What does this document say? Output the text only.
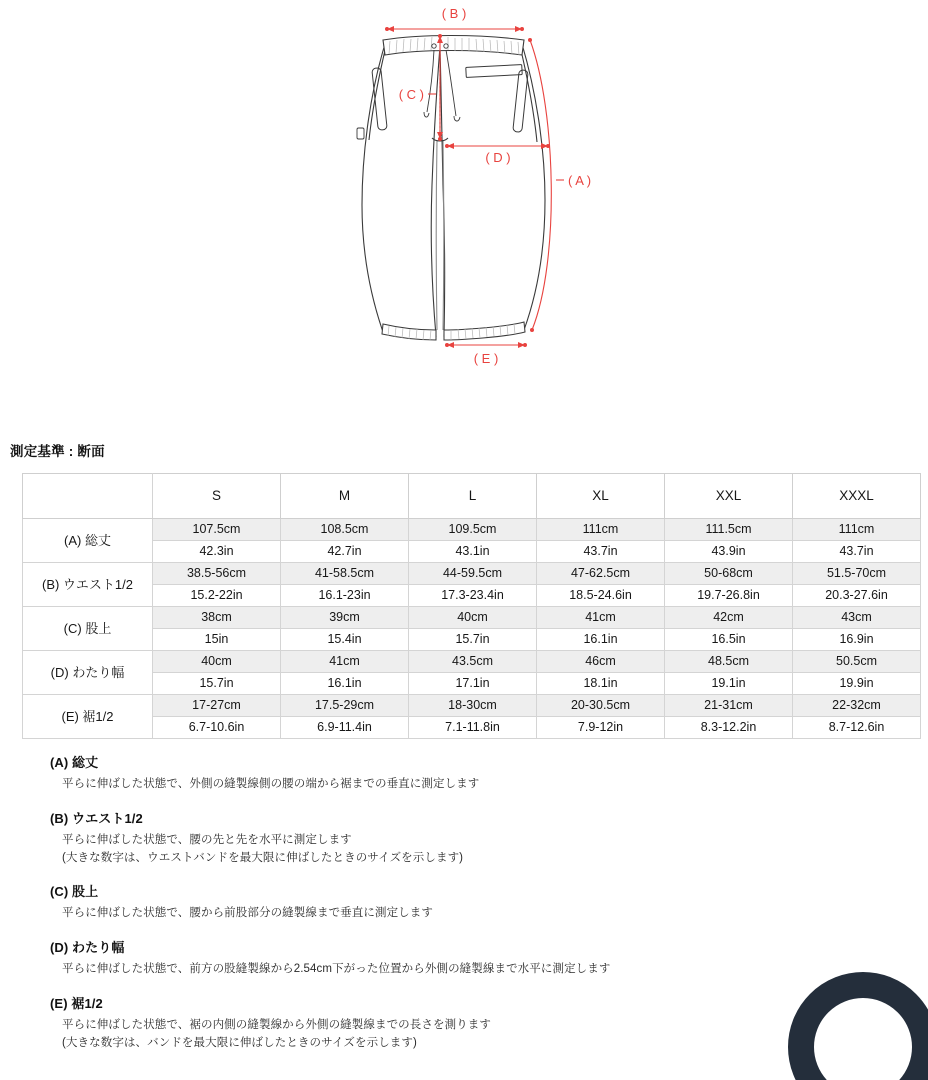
( B )
( C )
( D )
( A )
( E )
測定基準 : 断面
	S	M	L	XL	XXL	XXXL
(A) 総丈	107.5cm	108.5cm	109.5cm	111cm	111.5cm	111cm
	42.3in	42.7in	43.1in	43.7in	43.9in	43.7in
(B) ウエスト1/2	38.5-56cm	41-58.5cm	44-59.5cm	47-62.5cm	50-68cm	51.5-70cm
	15.2-22in	16.1-23in	17.3-23.4in	18.5-24.6in	19.7-26.8in	20.3-27.6in
(C) 股上	38cm	39cm	40cm	41cm	42cm	43cm
	15in	15.4in	15.7in	16.1in	16.5in	16.9in
(D) わたり幅	40cm	41cm	43.5cm	46cm	48.5cm	50.5cm
	15.7in	16.1in	17.1in	18.1in	19.1in	19.9in
(E) 裾1/2	17-27cm	17.5-29cm	18-30cm	20-30.5cm	21-31cm	22-32cm
	6.7-10.6in	6.9-11.4in	7.1-11.8in	7.9-12in	8.3-12.2in	8.7-12.6in
(A) 総丈
平らに伸ばした状態で、外側の縫製線側の腰の端から裾までの垂直に測定します
(B) ウエスト1/2
平らに伸ばした状態で、腰の先と先を水平に測定します
(大きな数字は、ウエストバンドを最大限に伸ばしたときのサイズを示します)
(C) 股上
平らに伸ばした状態で、腰から前股部分の縫製線まで垂直に測定します
(D) わたり幅
平らに伸ばした状態で、前方の股縫製線から2.54cm下がった位置から外側の縫製線まで水平に測定します
(E) 裾1/2
平らに伸ばした状態で、裾の内側の縫製線から外側の縫製線までの長さを測ります
(大きな数字は、バンドを最大限に伸ばしたときのサイズを示します)
